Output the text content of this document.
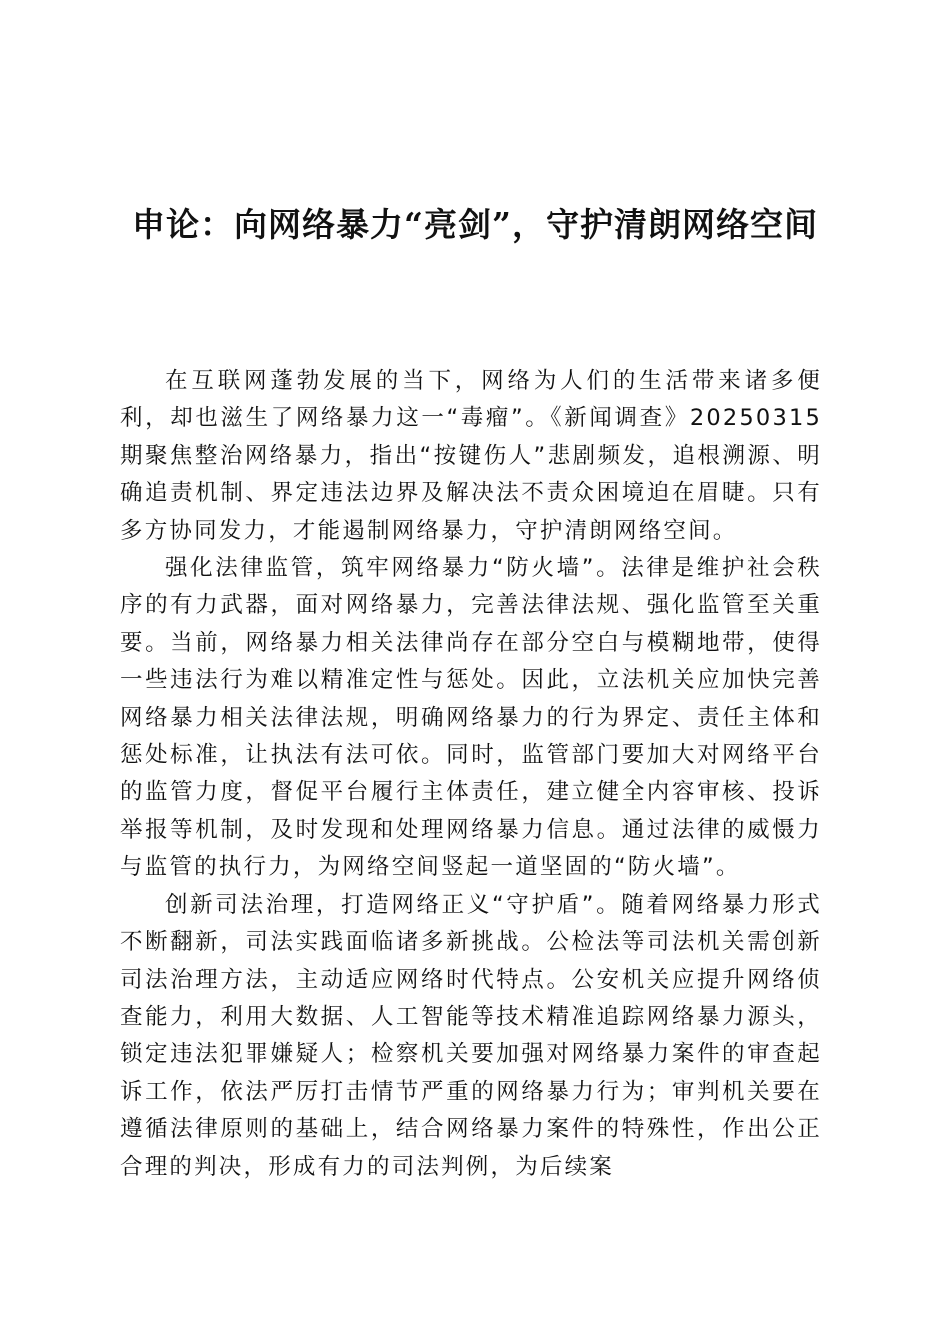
申论：向网络暴力“亮剑”，守护清朗网络空间

在互联网蓬勃发展的当下，网络为人们的生活带来诸多便利，却也滋生了网络暴力这一“毒瘤”。《新闻调查》20250315期聚焦整治网络暴力，指出“按键伤人”悲剧频发，追根溯源、明确追责机制、界定违法边界及解决法不责众困境迫在眉睫。只有多方协同发力，才能遏制网络暴力，守护清朗网络空间。

强化法律监管，筑牢网络暴力“防火墙”。法律是维护社会秩序的有力武器，面对网络暴力，完善法律法规、强化监管至关重要。当前，网络暴力相关法律尚存在部分空白与模糊地带，使得一些违法行为难以精准定性与惩处。因此，立法机关应加快完善网络暴力相关法律法规，明确网络暴力的行为界定、责任主体和惩处标准，让执法有法可依。同时，监管部门要加大对网络平台的监管力度，督促平台履行主体责任，建立健全内容审核、投诉举报等机制，及时发现和处理网络暴力信息。通过法律的威慑力与监管的执行力，为网络空间竖起一道坚固的“防火墙”。

创新司法治理，打造网络正义“守护盾”。随着网络暴力形式不断翻新，司法实践面临诸多新挑战。公检法等司法机关需创新司法治理方法，主动适应网络时代特点。公安机关应提升网络侦查能力，利用大数据、人工智能等技术精准追踪网络暴力源头，锁定违法犯罪嫌疑人；检察机关要加强对网络暴力案件的审查起诉工作，依法严厉打击情节严重的网络暴力行为；审判机关要在遵循法律原则的基础上，结合网络暴力案件的特殊性，作出公正合理的判决，形成有力的司法判例，为后续案
